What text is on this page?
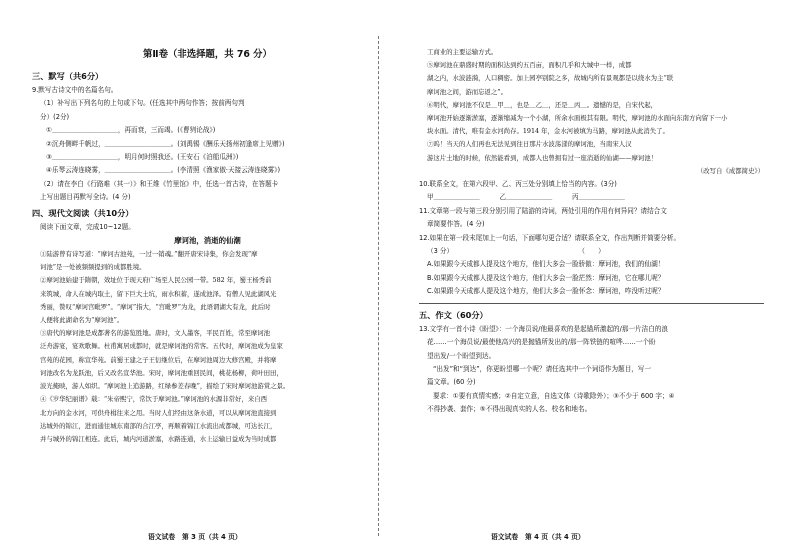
第Ⅱ卷（非选择题，共 76 分）

三、默写（共6分）

9.默写古诗文中的名篇名句。

（1）补写出下列名句的上句或下句。(任选其中两句作答；按前两句判

分）(2分)

①＿＿＿＿＿＿＿＿＿＿，再而衰，三而竭。(《曹刿论战》)

②沉舟侧畔千帆过，＿＿＿＿＿＿＿＿＿＿。(刘禹锡《酬乐天扬州初逢席上见赠》)

③＿＿＿＿＿＿＿＿＿＿，明月何时照我还。(王安石《泊船瓜洲》)

④乐琴云涛连晓雾，＿＿＿＿＿＿＿＿＿＿。(李清照《渔家傲·天接云涛连晓雾》)

（2）请在李白《行路难（其一）》和王维《竹里馆》中，任选一首古诗，在答题卡

上写出题目再默写全诗。(4 分)

四、现代文阅读（共10分）

阅读下面文章，完成10~12题。

摩诃池，消逝的仙潮

①陆游曾有诗写道：“摩诃古池苑，一过一销魂。”翻开唐宋诗集，你会发现“摩

诃池”是一处被频频提到的成都胜境。

②摩诃池始建于隋朝，效址位于现天府广场至人民公园一带。582 年，蜀王杨秀前

来筑城，命人在城内取土，留下巨大土坑，雨水积蓄，遂成池泽。有僧人见此湖风光

秀丽，赞叹“摩诃宫毗罗”。“摩诃”指大，“宫毗罗”为龙，此语谓湖大有龙，此后时

人便将此湖命名为“摩诃池”。

③唐代的摩诃池是成都著名的游览胜地。唐时，文人墨客，平民百姓，常至摩诃池

泛舟游宴，宴欢歌舞。杜甫寓居成都时，就是摩诃池的常客。五代时，摩诃池成为皇家

宫苑的花园，称宣华苑。前蜀王建之子王衍继位后，在摩诃池周边大修宫殿，并将摩

诃池改名为龙跃池，后又改名宣华池。宋时，摩诃池重回民间，桃花杨柳，荷叶田田，

波光掩映，游人如织。“摩诃池上追游路，红绿参差春晚”，描绘了宋时摩诃池游赏之景。

④《岁华纪丽谱》载：“朱帝熙宁，常饮于摩诃池。”摩诃池的水源非常好，来自西

北方向的金水河，可供舟楫往来之用。当时人们经由这条水道，可以从摩诃池直接到

达城外的锦江，进而通往城东南部的合江亭，再顺着锦江水流出成都城，可达长江，

并与城外的锦江相连。此后，城内河道淤塞，水路连通，水上运输日益成为当时成都

工商业的主要运输方式。

⑤摩诃池在鼎盛时期的面积达到约五百亩，面积几乎和大城中一样，成都

湖之内，水波涟漪，人口稠密。加上园亭别院之多，故城内所有景观都是以绕水为主“联

摩诃池之间，游而忘返之”。

⑥明代，摩诃池不仅是＿甲＿，也是＿乙＿，还是＿丙＿。遗憾的是，自宋代起，

摩诃池开始逐渐淤塞，逐渐缩减为一个小湖，所余水面极其有限。明代，摩诃池的水面向东南方向留下一小

块水面。清代，唯有金水河尚存。1914 年，金水河被填为马路，摩诃池从此消失了。

⑦呜！当天的人们再也无法见到往日那片水波荡漾的摩诃池，当南宋人汉

游这片土地的时候，依然能看到，成都人也曾拥有过一座消逝的仙湖——摩诃池！

（改写自《成都简史》）

10.联系全文，在第六段甲、乙、丙三处分别填上恰当的内容。(3分)

甲＿＿＿＿＿＿＿　　　乙＿＿＿＿＿＿＿　　　丙＿＿＿＿＿＿＿

11.文章第一段与第三段分别引用了陆游的诗词，两处引用的作用有何异同？请结合文

章简要作答。(4 分)

12.如果在第一段末尾加上一句话，下面哪句更合适？请联系全文，作出判断并简要分析。

（3 分）　　　　　　　　　　　　　　　　　　　　（　　）

A.如果跟今天成都人提及这个地方，他们大多会一脸骄傲：摩诃池，我们的仙湖！

B.如果跟今天成都人提及这个地方，他们大多会一脸茫然：摩诃池，它在哪儿呢？

C.如果跟今天成都人提及这个地方，他们大多会一脸怀念：摩诃池，咋没听过呢？

五、作文（60分）

13.文学有一首小诗《盼望》：一个海员说/他最喜欢的是起锚所激起的/那一片洁白的浪

花……一个海员说/最使他高兴的是抛锚所发出的/那一阵铁链的喧哗……一个盼

望出发/一个盼望到达。

“出发”和“到达”，你更盼望哪一个呢？请任选其中一个词语作为题目，写一

篇文章。(60 分)

要求：①要有真情实感；②自定立意，自选文体（诗歌除外）；③不少于 600 字；④

不得抄袭、套作；⑤不得出现真实的人名、校名和地名。

语文试卷　第 3 页（共 4 页）	语文试卷　第 4 页（共 4 页）
